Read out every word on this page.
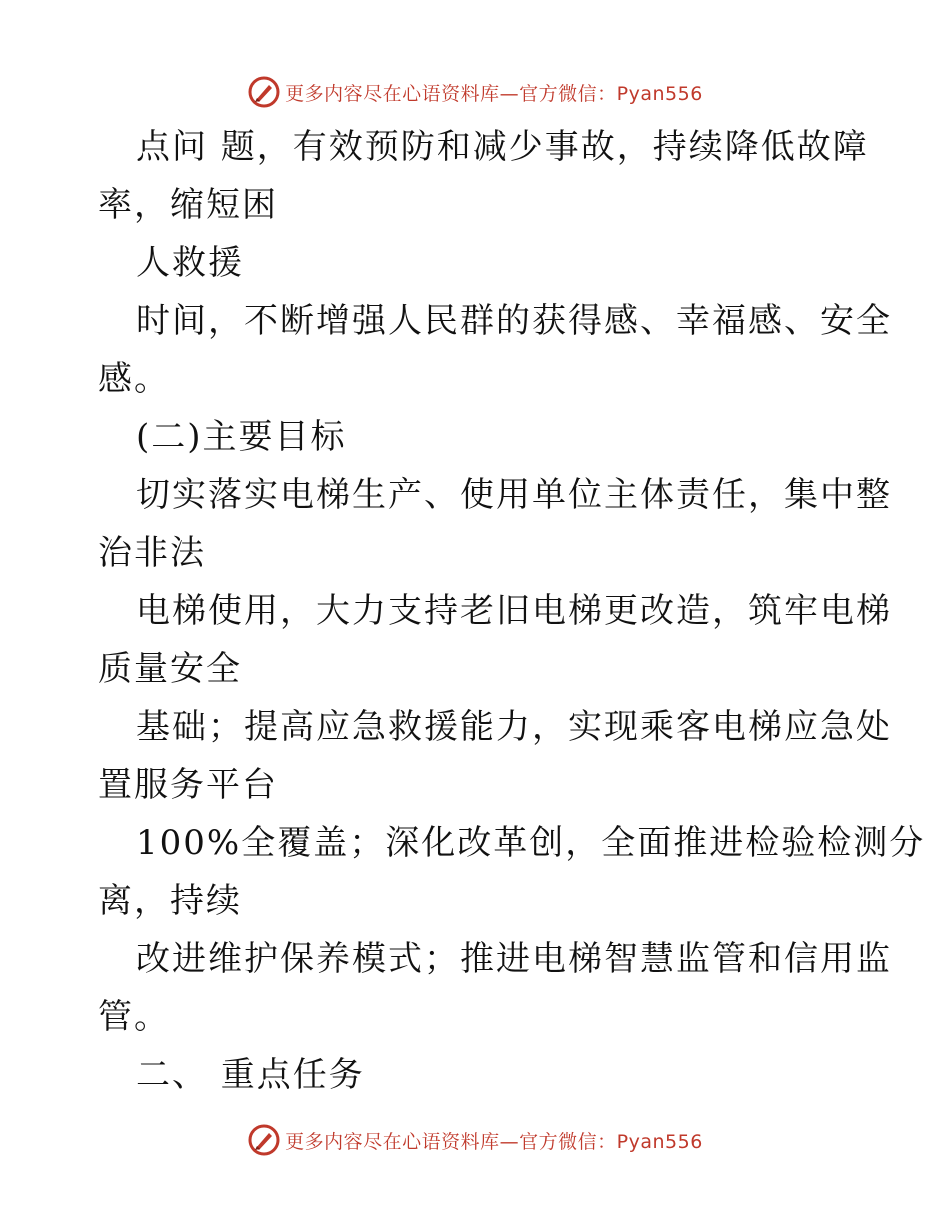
更多内容尽在心语资料库—官方微信：Pyan556
点问 题，有效预防和减少事故，持续降低故障
率，缩短困
人救援
时间，不断增强人民群的获得感、幸福感、安全
感。
(二)主要目标
切实落实电梯生产、使用单位主体责任，集中整
治非法
电梯使用，大力支持老旧电梯更改造，筑牢电梯
质量安全
基础；提高应急救援能力，实现乘客电梯应急处
置服务平台
100%全覆盖；深化改革创，全面推进检验检测分
离，持续
改进维护保养模式；推进电梯智慧监管和信用监
管。
二、 重点任务
更多内容尽在心语资料库—官方微信：Pyan556
